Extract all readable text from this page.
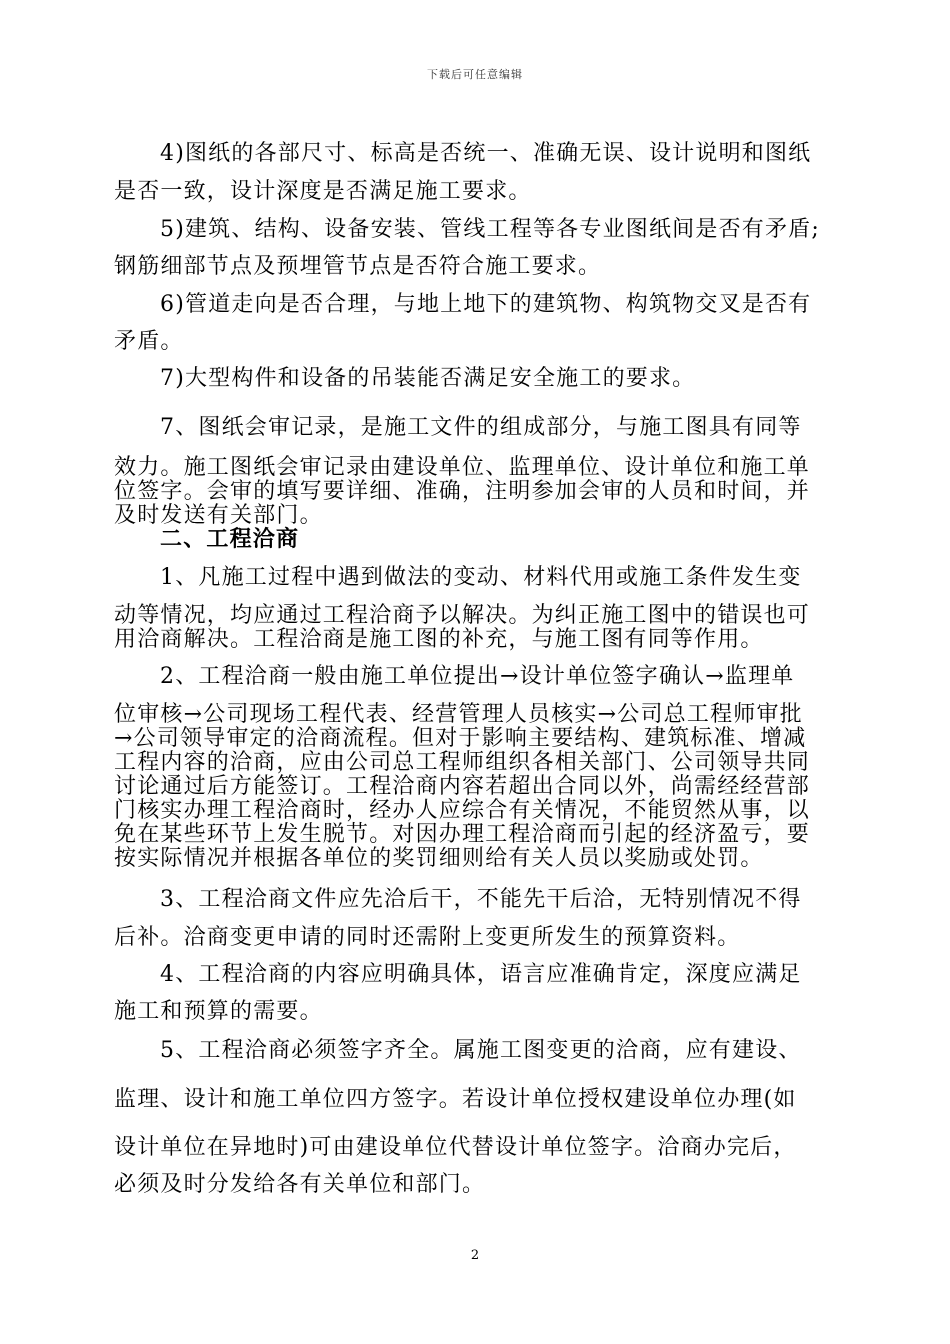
下载后可任意编辑
4)图纸的各部尺寸、标高是否统一、准确无误、设计说明和图纸
是否一致，设计深度是否满足施工要求。
5)建筑、结构、设备安装、管线工程等各专业图纸间是否有矛盾;
钢筋细部节点及预埋管节点是否符合施工要求。
6)管道走向是否合理，与地上地下的建筑物、构筑物交叉是否有
矛盾。
7)大型构件和设备的吊装能否满足安全施工的要求。
7、图纸会审记录，是施工文件的组成部分，与施工图具有同等
效力。施工图纸会审记录由建设单位、监理单位、设计单位和施工单
位签字。会审的填写要详细、准确，注明参加会审的人员和时间，并
及时发送有关部门。
二、工程洽商
1、凡施工过程中遇到做法的变动、材料代用或施工条件发生变
动等情况，均应通过工程洽商予以解决。为纠正施工图中的错误也可
用洽商解决。工程洽商是施工图的补充，与施工图有同等作用。
2、工程洽商一般由施工单位提出→设计单位签字确认→监理单
位审核→公司现场工程代表、经营管理人员核实→公司总工程师审批
→公司领导审定的洽商流程。但对于影响主要结构、建筑标准、增减
工程内容的洽商，应由公司总工程师组织各相关部门、公司领导共同
讨论通过后方能签订。工程洽商内容若超出合同以外，尚需经经营部
门核实办理工程洽商时，经办人应综合有关情况，不能贸然从事，以
免在某些环节上发生脱节。对因办理工程洽商而引起的经济盈亏，要
按实际情况并根据各单位的奖罚细则给有关人员以奖励或处罚。
3、工程洽商文件应先洽后干，不能先干后洽，无特别情况不得
后补。洽商变更申请的同时还需附上变更所发生的预算资料。
4、工程洽商的内容应明确具体，语言应准确肯定，深度应满足
施工和预算的需要。
5、工程洽商必须签字齐全。属施工图变更的洽商，应有建设、
监理、设计和施工单位四方签字。若设计单位授权建设单位办理(如
设计单位在异地时)可由建设单位代替设计单位签字。洽商办完后，
必须及时分发给各有关单位和部门。
2
